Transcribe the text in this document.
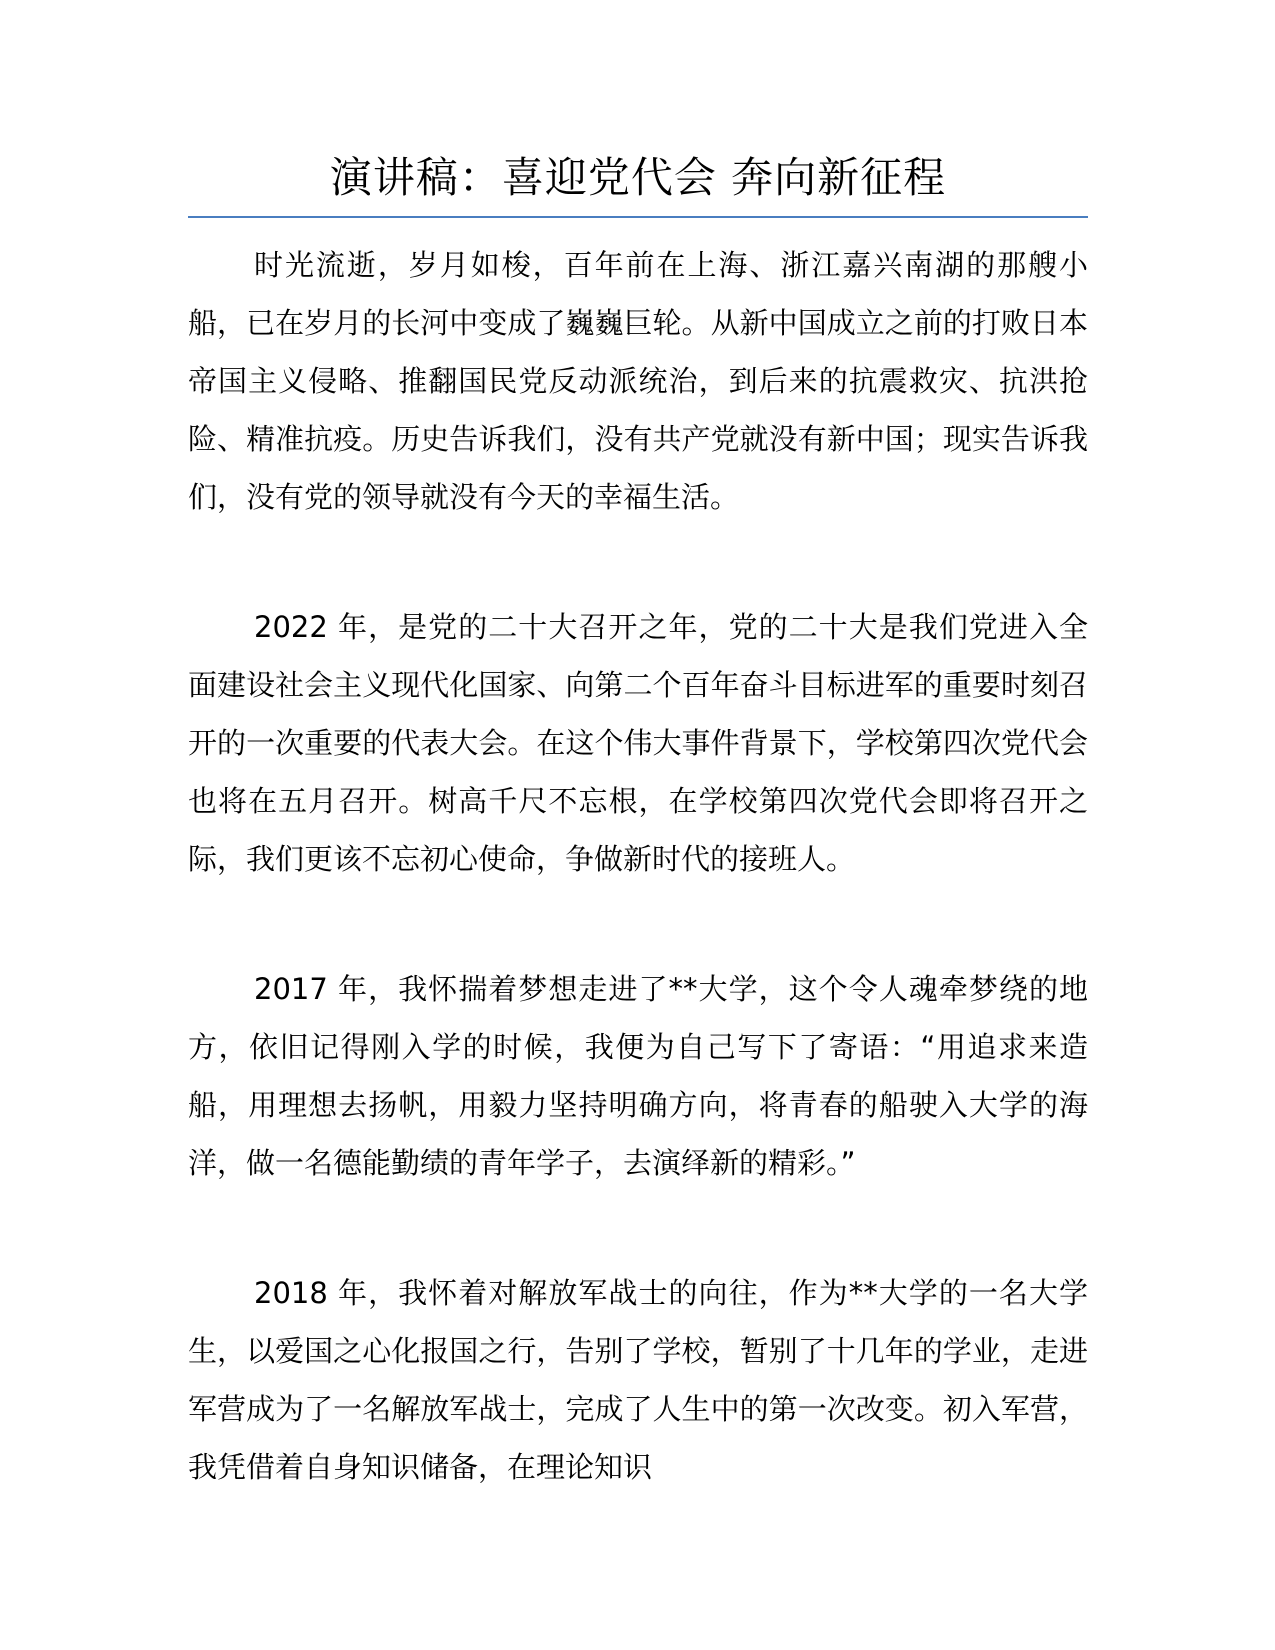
演讲稿：喜迎党代会 奔向新征程

时光流逝，岁月如梭，百年前在上海、浙江嘉兴南湖的那艘小船，已在岁月的长河中变成了巍巍巨轮。从新中国成立之前的打败日本帝国主义侵略、推翻国民党反动派统治，到后来的抗震救灾、抗洪抢险、精准抗疫。历史告诉我们，没有共产党就没有新中国；现实告诉我们，没有党的领导就没有今天的幸福生活。

2022 年，是党的二十大召开之年，党的二十大是我们党进入全面建设社会主义现代化国家、向第二个百年奋斗目标进军的重要时刻召开的一次重要的代表大会。在这个伟大事件背景下，学校第四次党代会也将在五月召开。树高千尺不忘根，在学校第四次党代会即将召开之际，我们更该不忘初心使命，争做新时代的接班人。

2017 年，我怀揣着梦想走进了**大学，这个令人魂牵梦绕的地方，依旧记得刚入学的时候，我便为自己写下了寄语：“用追求来造船，用理想去扬帆，用毅力坚持明确方向，将青春的船驶入大学的海洋，做一名德能勤绩的青年学子，去演绎新的精彩。”

2018 年，我怀着对解放军战士的向往，作为**大学的一名大学生，以爱国之心化报国之行，告别了学校，暂别了十几年的学业，走进军营成为了一名解放军战士，完成了人生中的第一次改变。初入军营，我凭借着自身知识储备，在理论知识
